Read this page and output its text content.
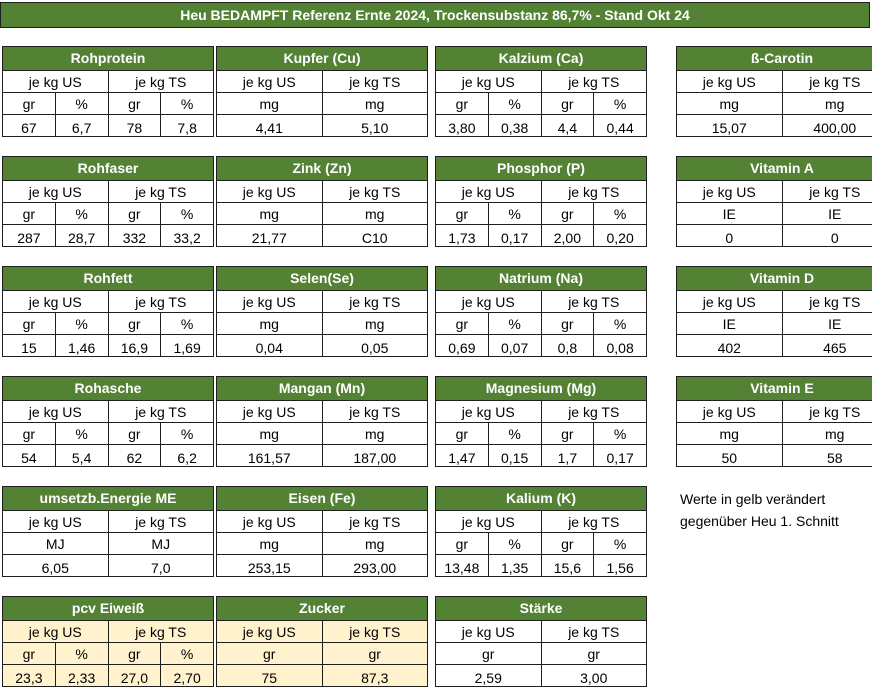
Heu BEDAMPFT Referenz Ernte 2024, Trockensubstanz 86,7% - Stand Okt 24
Rohprotein
je kg US	je kg TS
gr	%	gr	%
67	6,7	78	7,8
Kupfer (Cu)
je kg US	je kg TS
mg	mg
4,41	5,10
Kalzium (Ca)
je kg US	je kg TS
gr	%	gr	%
3,80	0,38	4,4	0,44
ß-Carotin
je kg US	je kg TS
mg	mg
15,07	400,00
Rohfaser
je kg US	je kg TS
gr	%	gr	%
287	28,7	332	33,2
Zink (Zn)
je kg US	je kg TS
mg	mg
21,77	C10
Phosphor (P)
je kg US	je kg TS
gr	%	gr	%
1,73	0,17	2,00	0,20
Vitamin A
je kg US	je kg TS
IE	IE
0	0
Rohfett
je kg US	je kg TS
gr	%	gr	%
15	1,46	16,9	1,69
Selen(Se)
je kg US	je kg TS
mg	mg
0,04	0,05
Natrium (Na)
je kg US	je kg TS
gr	%	gr	%
0,69	0,07	0,8	0,08
Vitamin D
je kg US	je kg TS
IE	IE
402	465
Rohasche
je kg US	je kg TS
gr	%	gr	%
54	5,4	62	6,2
Mangan (Mn)
je kg US	je kg TS
mg	mg
161,57	187,00
Magnesium (Mg)
je kg US	je kg TS
gr	%	gr	%
1,47	0,15	1,7	0,17
Vitamin E
je kg US	je kg TS
mg	mg
50	58
umsetzb.Energie ME
je kg US	je kg TS
MJ	MJ
6,05	7,0
Eisen (Fe)
je kg US	je kg TS
mg	mg
253,15	293,00
Kalium (K)
je kg US	je kg TS
gr	%	gr	%
13,48	1,35	15,6	1,56
pcv Eiweiß
je kg US	je kg TS
gr	%	gr	%
23,3	2,33	27,0	2,70
Zucker
je kg US	je kg TS
gr	gr
75	87,3
Stärke
je kg US	je kg TS
gr	gr
2,59	3,00
Werte in gelb verändert
gegenüber Heu 1. Schnitt
